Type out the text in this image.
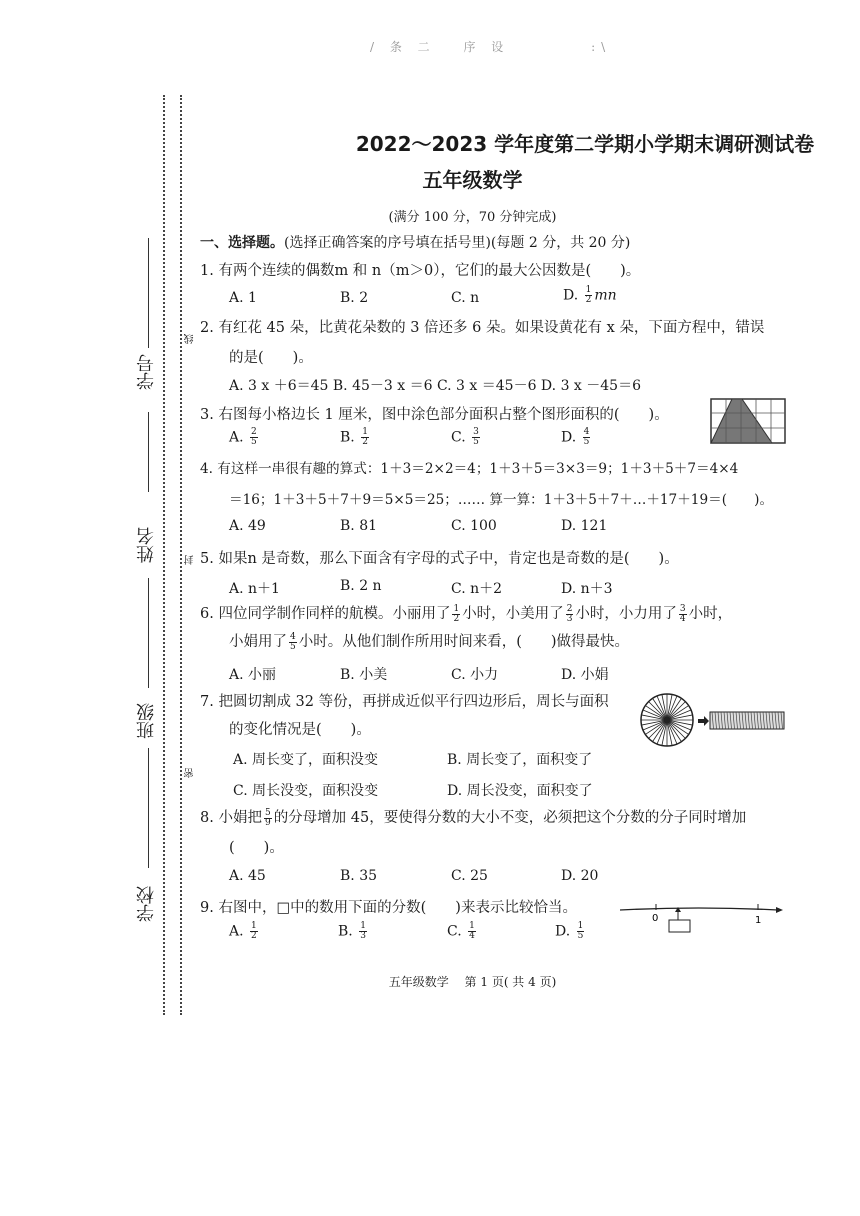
/ 条 二 　序 设　　　　 :\
学号
姓名
班级
学校
线
封
密
2022～2023 学年度第二学期小学期末调研测试卷
五年级数学
(满分 100 分，70 分钟完成)
一、选择题。(选择正确答案的序号填在括号里)(每题 2 分，共 20 分)
1. 有两个连续的偶数m 和 n（m＞0），它们的最大公因数是(　　)。
A. 1	B. 2	C. n	D. $\frac{1}{2}$ mn
2. 有红花 45 朵，比黄花朵数的 3 倍还多 6 朵。如果设黄花有 x 朵，下面方程中，错误
的是(　　)。
A. 3 x ＋6＝45 B. 45－3 x ＝6 C. 3 x ＝45－6 D. 3 x －45＝6
3. 右图每小格边长 1 厘米，图中涂色部分面积占整个图形面积的(　　)。
A. $\frac{2}{5}$	B. $\frac{1}{2}$	C. $\frac{3}{5}$	D. $\frac{4}{5}$
4. 有这样一串很有趣的算式：1＋3＝2×2＝4；1＋3＋5＝3×3＝9；1＋3＋5＋7＝4×4
＝16；1＋3＋5＋7＋9＝5×5＝25；…… 算一算：1＋3＋5＋7＋…＋17＋19＝(　　)。
A. 49	B. 81	C. 100	D. 121
5. 如果n 是奇数，那么下面含有字母的式子中，肯定也是奇数的是(　　)。
A. n＋1	B. 2 n	C. n＋2	D. n＋3
6. 四位同学制作同样的航模。小丽用了 $\frac{1}{2}$ 小时，小美用了 $\frac{2}{3}$ 小时，小力用了 $\frac{3}{4}$ 小时，
小娟用了 $\frac{4}{5}$ 小时。从他们制作所用时间来看，(　　)做得最快。
A. 小丽	B. 小美	C. 小力	D. 小娟
7. 把圆切割成 32 等份，再拼成近似平行四边形后，周长与面积
的变化情况是(　　)。
A. 周长变了，面积没变	B. 周长变了，面积变了
C. 周长没变，面积没变	D. 周长没变，面积变了
8. 小娟把 $\frac{5}{9}$ 的分母增加 45，要使得分数的大小不变，必须把这个分数的分子同时增加
(　　)。
A. 45	B. 35	C. 25	D. 20
9. 右图中，□中的数用下面的分数(　　)来表示比较恰当。
0	1
A. $\frac{1}{2}$	B. $\frac{1}{3}$	C. $\frac{1}{4}$	D. $\frac{1}{5}$
五年级数学　 第 1 页( 共 4 页)
